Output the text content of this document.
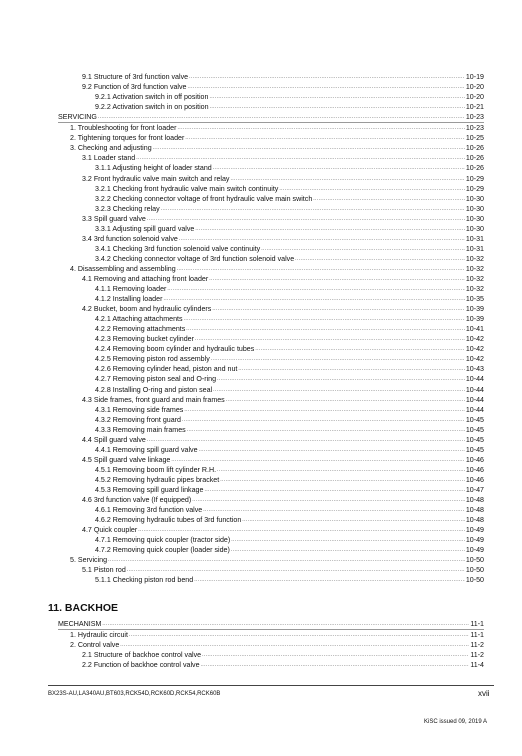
9.1 Structure of 3rd function valve .....	10-19
9.2 Function of 3rd function valve .....	10-20
9.2.1 Activation switch in off position .....	10-20
9.2.2 Activation switch in on position .....	10-21
SERVICING .....	10-23
1. Troubleshooting for front loader .....	10-23
2. Tightening torques for front loader .....	10-25
3. Checking and adjusting .....	10-26
3.1 Loader stand .....	10-26
3.1.1 Adjusting height of loader stand .....	10-26
3.2 Front hydraulic valve main switch and relay .....	10-29
3.2.1 Checking front hydraulic valve main switch continuity .....	10-29
3.2.2 Checking connector voltage of front hydraulic valve main switch .....	10-30
3.2.3 Checking relay .....	10-30
3.3 Spill guard valve .....	10-30
3.3.1 Adjusting spill guard valve .....	10-30
3.4 3rd function solenoid valve .....	10-31
3.4.1 Checking 3rd function solenoid valve continuity .....	10-31
3.4.2 Checking connector voltage of 3rd function solenoid valve .....	10-32
4. Disassembling and assembling .....	10-32
4.1 Removing and attaching front loader .....	10-32
4.1.1 Removing loader .....	10-32
4.1.2 Installing loader .....	10-35
4.2 Bucket, boom and hydraulic cylinders .....	10-39
4.2.1 Attaching attachments .....	10-39
4.2.2 Removing attachments .....	10-41
4.2.3 Removing bucket cylinder .....	10-42
4.2.4 Removing boom cylinder and hydraulic tubes .....	10-42
4.2.5 Removing piston rod assembly .....	10-42
4.2.6 Removing cylinder head, piston and nut .....	10-43
4.2.7 Removing piston seal and O-ring .....	10-44
4.2.8 Installing O-ring and piston seal .....	10-44
4.3 Side frames, front guard and main frames .....	10-44
4.3.1 Removing side frames .....	10-44
4.3.2 Removing front guard .....	10-45
4.3.3 Removing main frames .....	10-45
4.4 Spill guard valve .....	10-45
4.4.1 Removing spill guard valve .....	10-45
4.5 Spill guard valve linkage .....	10-46
4.5.1 Removing boom lift cylinder R.H. .....	10-46
4.5.2 Removing hydraulic pipes bracket .....	10-46
4.5.3 Removing spill guard linkage .....	10-47
4.6 3rd function valve (If equipped) .....	10-48
4.6.1 Removing 3rd function valve .....	10-48
4.6.2 Removing hydraulic tubes of 3rd function .....	10-48
4.7 Quick coupler .....	10-49
4.7.1 Removing quick coupler (tractor side) .....	10-49
4.7.2 Removing quick coupler (loader side) .....	10-49
5. Servicing .....	10-50
5.1 Piston rod .....	10-50
5.1.1 Checking piston rod bend .....	10-50
11. BACKHOE
MECHANISM .....	11-1
1. Hydraulic circuit .....	11-1
2. Control valve .....	11-2
2.1 Structure of backhoe control valve .....	11-2
2.2 Function of backhoe control valve .....	11-4
BX23S-AU,LA340AU,BT603,RCK54D,RCK60D,RCK54,RCK60B	xvii
KiSC issued 09, 2019 A
